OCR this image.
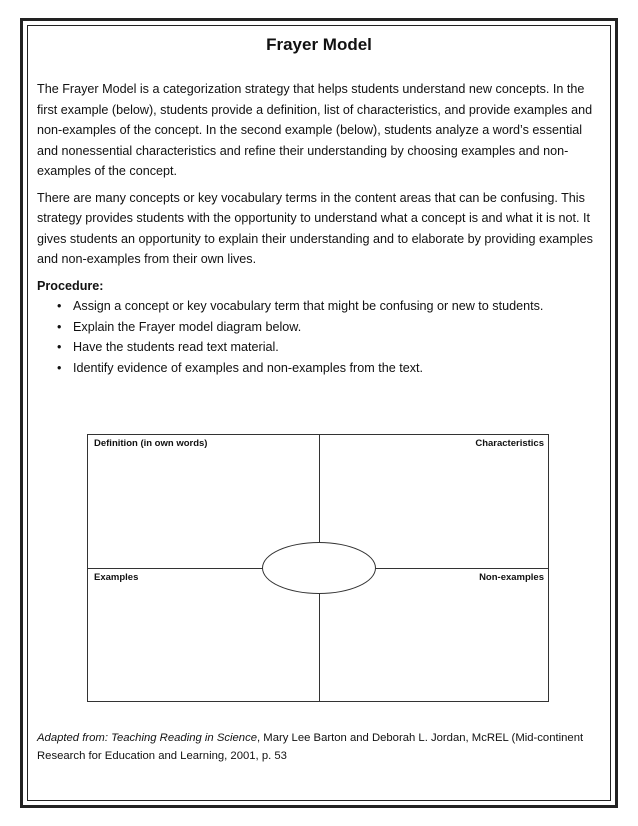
Frayer Model

The Frayer Model is a categorization strategy that helps students understand new concepts. In the first example (below), students provide a definition, list of characteristics, and provide examples and non-examples of the concept. In the second example (below), students analyze a word’s essential and nonessential characteristics and refine their understanding by choosing examples and non-examples of the concept.

There are many concepts or key vocabulary terms in the content areas that can be confusing. This strategy provides students with the opportunity to understand what a concept is and what it is not. It gives students an opportunity to explain their understanding and to elaborate by providing examples and non-examples from their own lives.

Procedure:
• Assign a concept or key vocabulary term that might be confusing or new to students.
• Explain the Frayer model diagram below.
• Have the students read text material.
• Identify evidence of examples and non-examples from the text.
Definition (in own words)	Characteristics
Examples	Non-examples
Adapted from: Teaching Reading in Science, Mary Lee Barton and Deborah L. Jordan, McREL (Mid-continent Research for Education and Learning, 2001, p. 53
